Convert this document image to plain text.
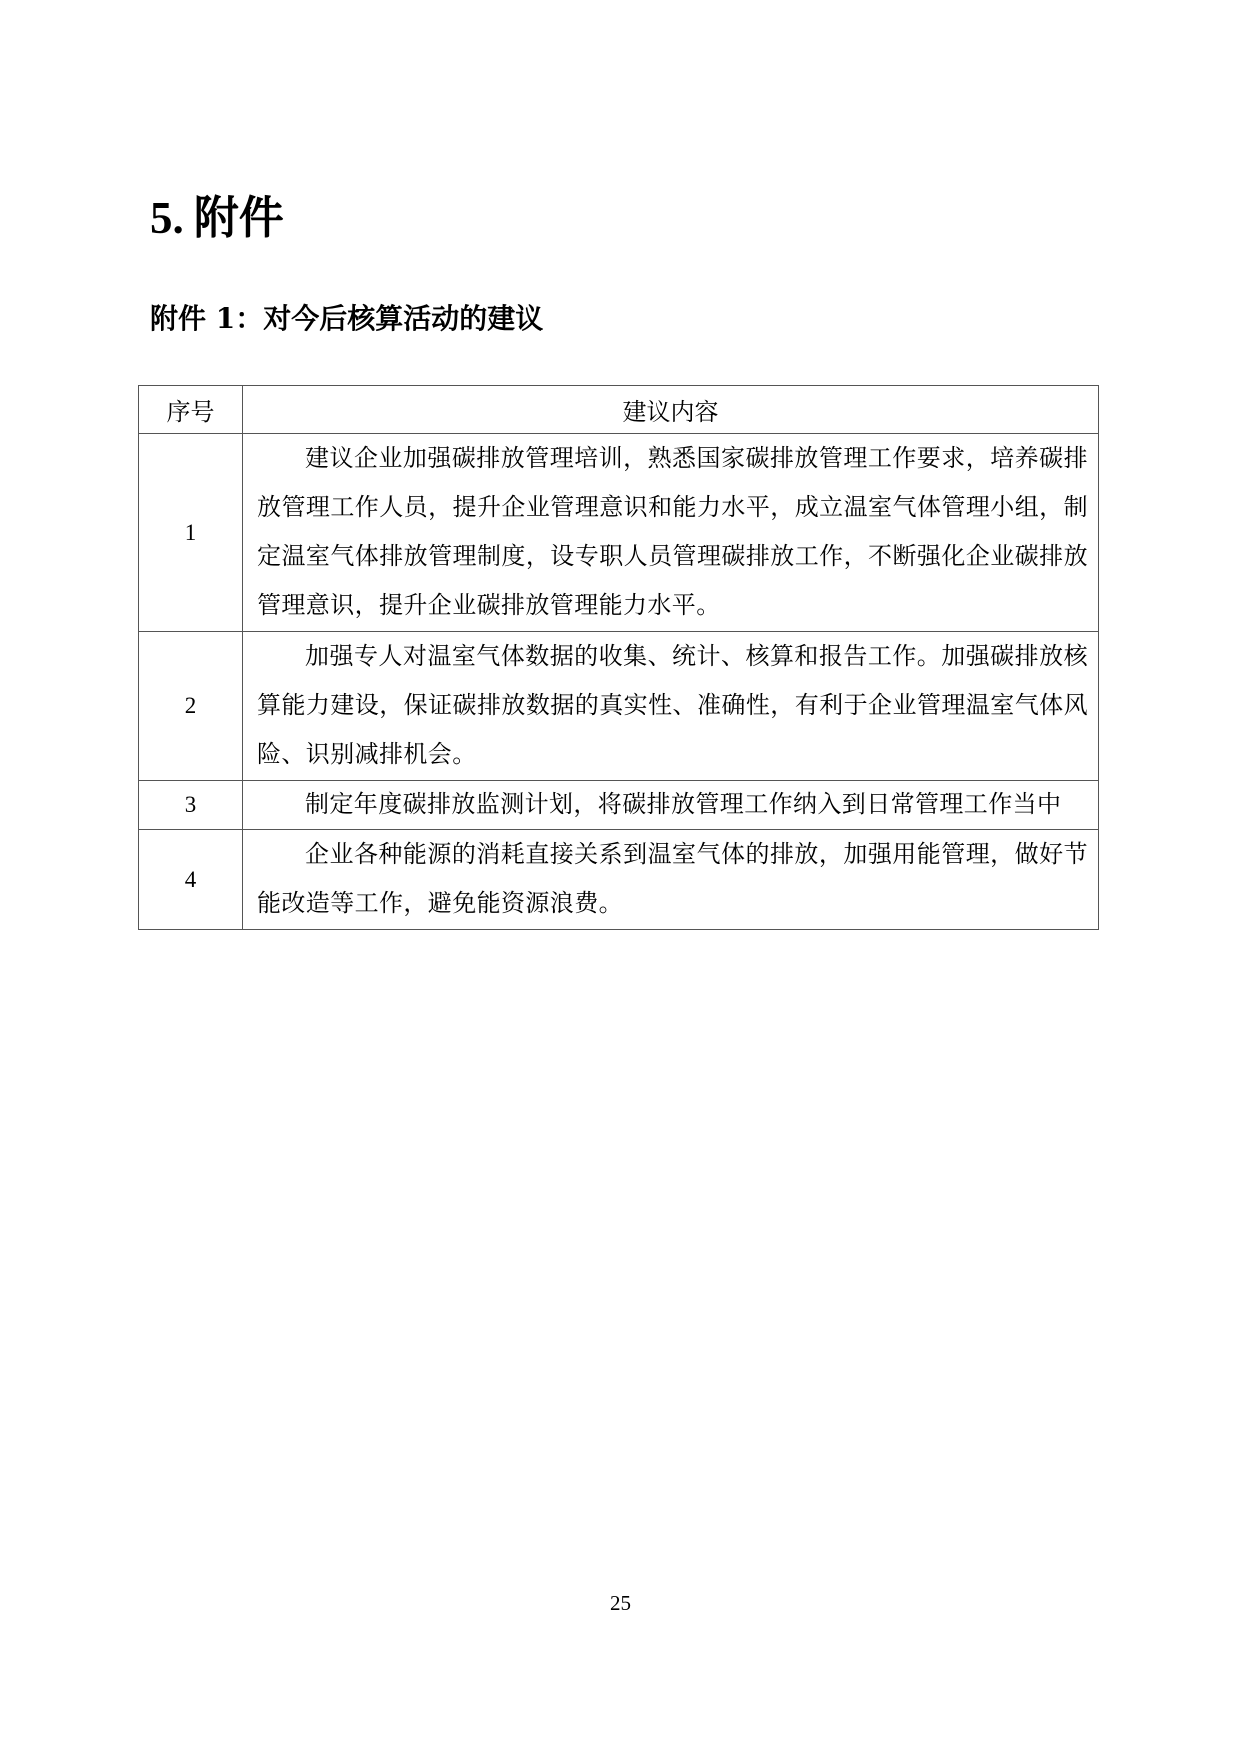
5. 附件
附件 1：对今后核算活动的建议
序号	建议内容
1	建议企业加强碳排放管理培训，熟悉国家碳排放管理工作要求，培养碳排放管理工作人员，提升企业管理意识和能力水平，成立温室气体管理小组，制定温室气体排放管理制度，设专职人员管理碳排放工作，不断强化企业碳排放管理意识，提升企业碳排放管理能力水平。
2	加强专人对温室气体数据的收集、统计、核算和报告工作。加强碳排放核算能力建设，保证碳排放数据的真实性、准确性，有利于企业管理温室气体风险、识别减排机会。
3	制定年度碳排放监测计划，将碳排放管理工作纳入到日常管理工作当中
4	企业各种能源的消耗直接关系到温室气体的排放，加强用能管理，做好节能改造等工作，避免能资源浪费。

25
